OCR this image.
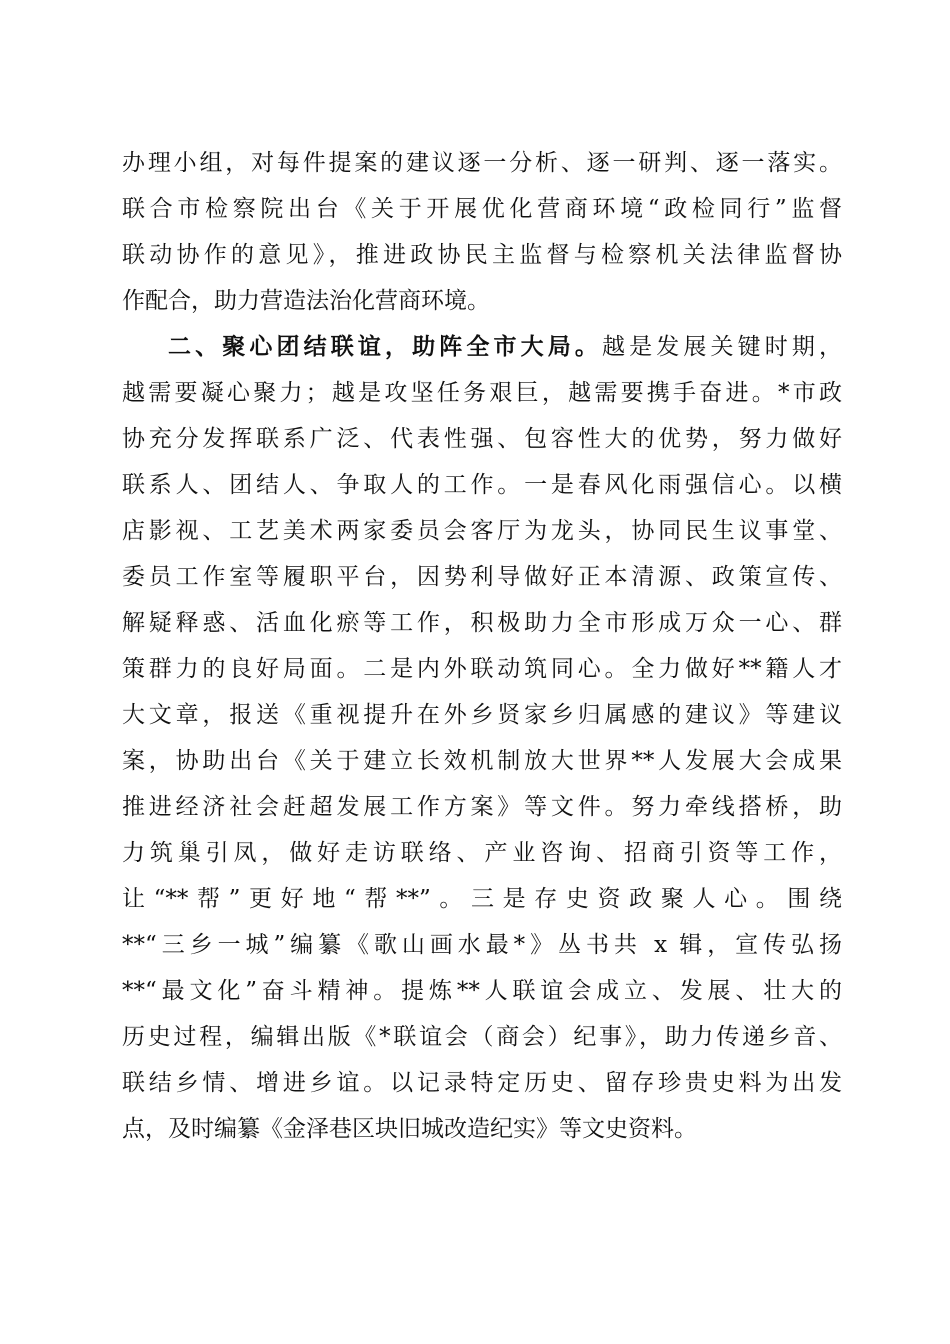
办理小组，对每件提案的建议逐一分析、逐一研判、逐一落实。
联合市检察院出台《关于开展优化营商环境“政检同行”监督
联动协作的意见》，推进政协民主监督与检察机关法律监督协
作配合，助力营造法治化营商环境。
二、聚心团结联谊，助阵全市大局。越是发展关键时期，
越需要凝心聚力；越是攻坚任务艰巨，越需要携手奋进。*市政
协充分发挥联系广泛、代表性强、包容性大的优势，努力做好
联系人、团结人、争取人的工作。一是春风化雨强信心。以横
店影视、工艺美术两家委员会客厅为龙头，协同民生议事堂、
委员工作室等履职平台，因势利导做好正本清源、政策宣传、
解疑释惑、活血化瘀等工作，积极助力全市形成万众一心、群
策群力的良好局面。二是内外联动筑同心。全力做好**籍人才
大文章，报送《重视提升在外乡贤家乡归属感的建议》等建议
案，协助出台《关于建立长效机制放大世界**人发展大会成果
推进经济社会赶超发展工作方案》等文件。努力牵线搭桥，助
力筑巢引凤，做好走访联络、产业咨询、招商引资等工作，
让“**帮”更好地“帮**”。三是存史资政聚人心。围绕
**“三乡一城”编纂《歌山画水最*》丛书共 x 辑，宣传弘扬
**“最文化”奋斗精神。提炼**人联谊会成立、发展、壮大的
历史过程，编辑出版《*联谊会（商会）纪事》，助力传递乡音、
联结乡情、增进乡谊。以记录特定历史、留存珍贵史料为出发
点，及时编纂《金泽巷区块旧城改造纪实》等文史资料。
